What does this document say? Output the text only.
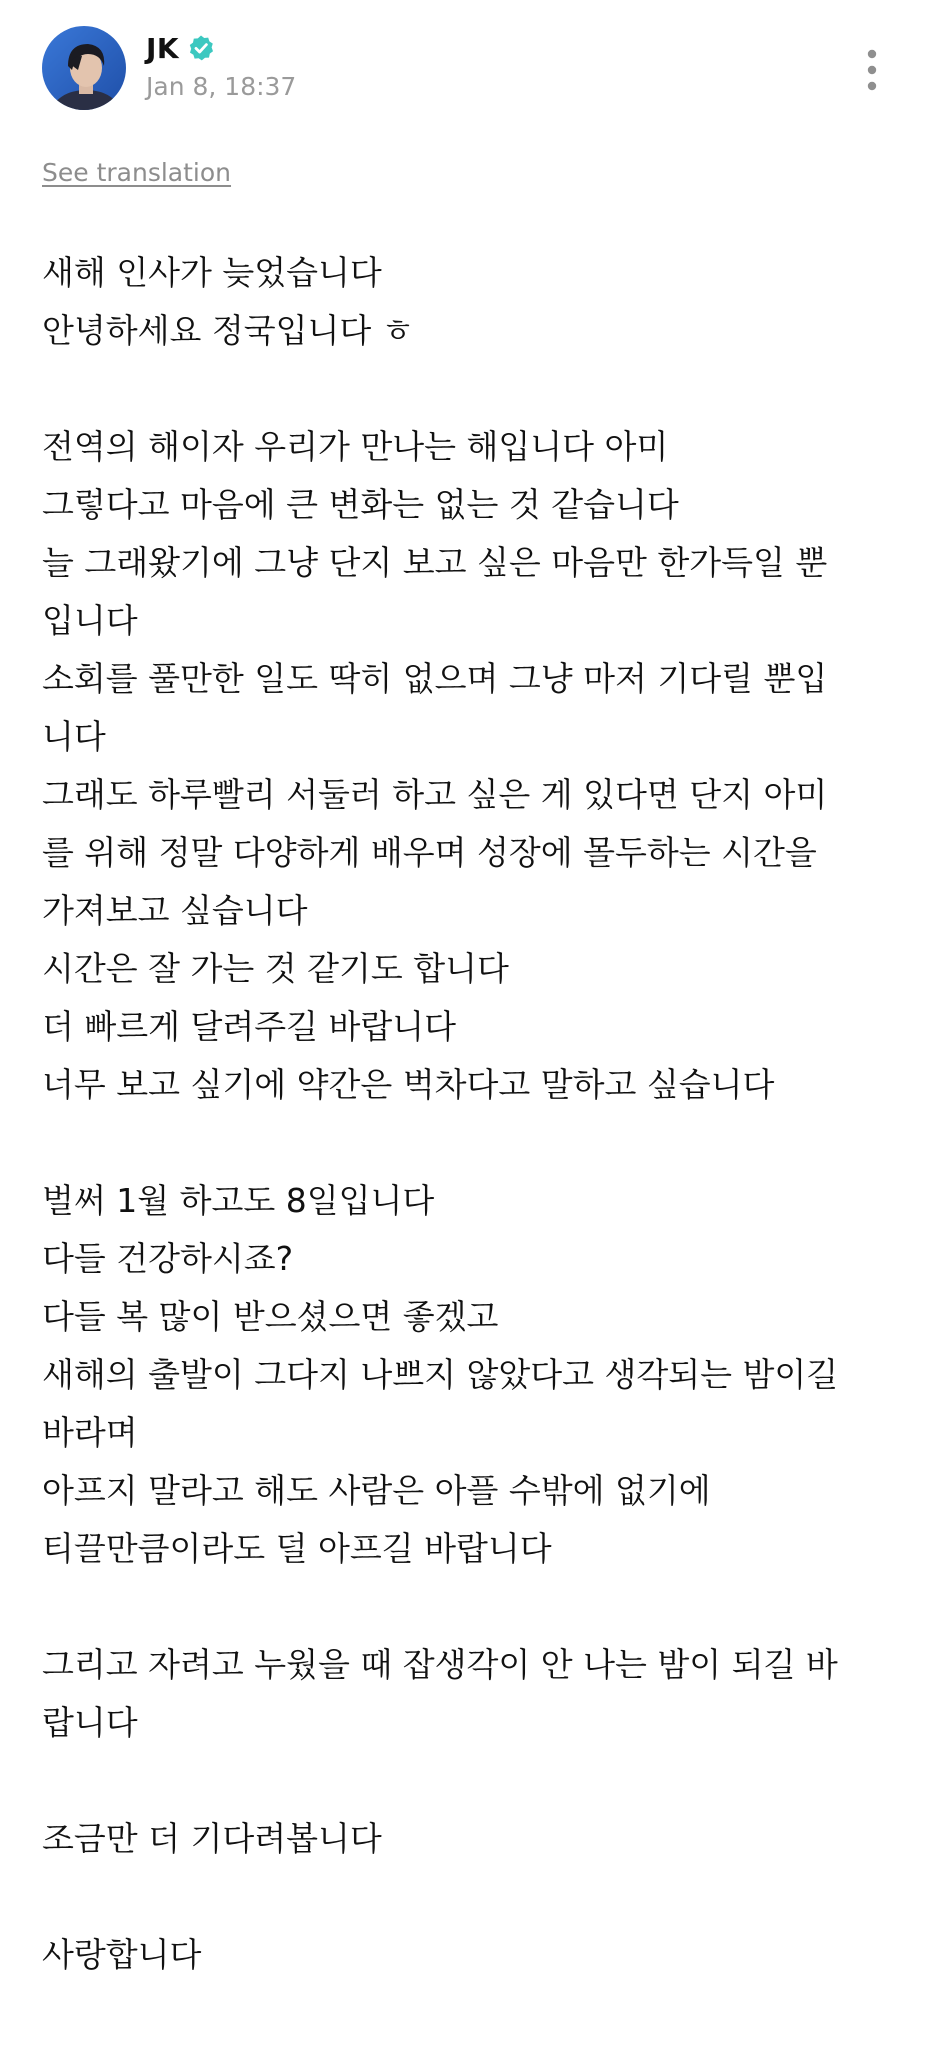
JK
Jan 8, 18:37
See translation
새해 인사가 늦었습니다
안녕하세요 정국입니다 ㅎ
전역의 해이자 우리가 만나는 해입니다 아미
그렇다고 마음에 큰 변화는 없는 것 같습니다
늘 그래왔기에 그냥 단지 보고 싶은 마음만 한가득일 뿐
입니다
소회를 풀만한 일도 딱히 없으며 그냥 마저 기다릴 뿐입
니다
그래도 하루빨리 서둘러 하고 싶은 게 있다면 단지 아미
를 위해 정말 다양하게 배우며 성장에 몰두하는 시간을
가져보고 싶습니다
시간은 잘 가는 것 같기도 합니다
더 빠르게 달려주길 바랍니다
너무 보고 싶기에 약간은 벅차다고 말하고 싶습니다
벌써 1월 하고도 8일입니다
다들 건강하시죠?
다들 복 많이 받으셨으면 좋겠고
새해의 출발이 그다지 나쁘지 않았다고 생각되는 밤이길
바라며
아프지 말라고 해도 사람은 아플 수밖에 없기에
티끌만큼이라도 덜 아프길 바랍니다
그리고 자려고 누웠을 때 잡생각이 안 나는 밤이 되길 바
랍니다
조금만 더 기다려봅니다
사랑합니다
